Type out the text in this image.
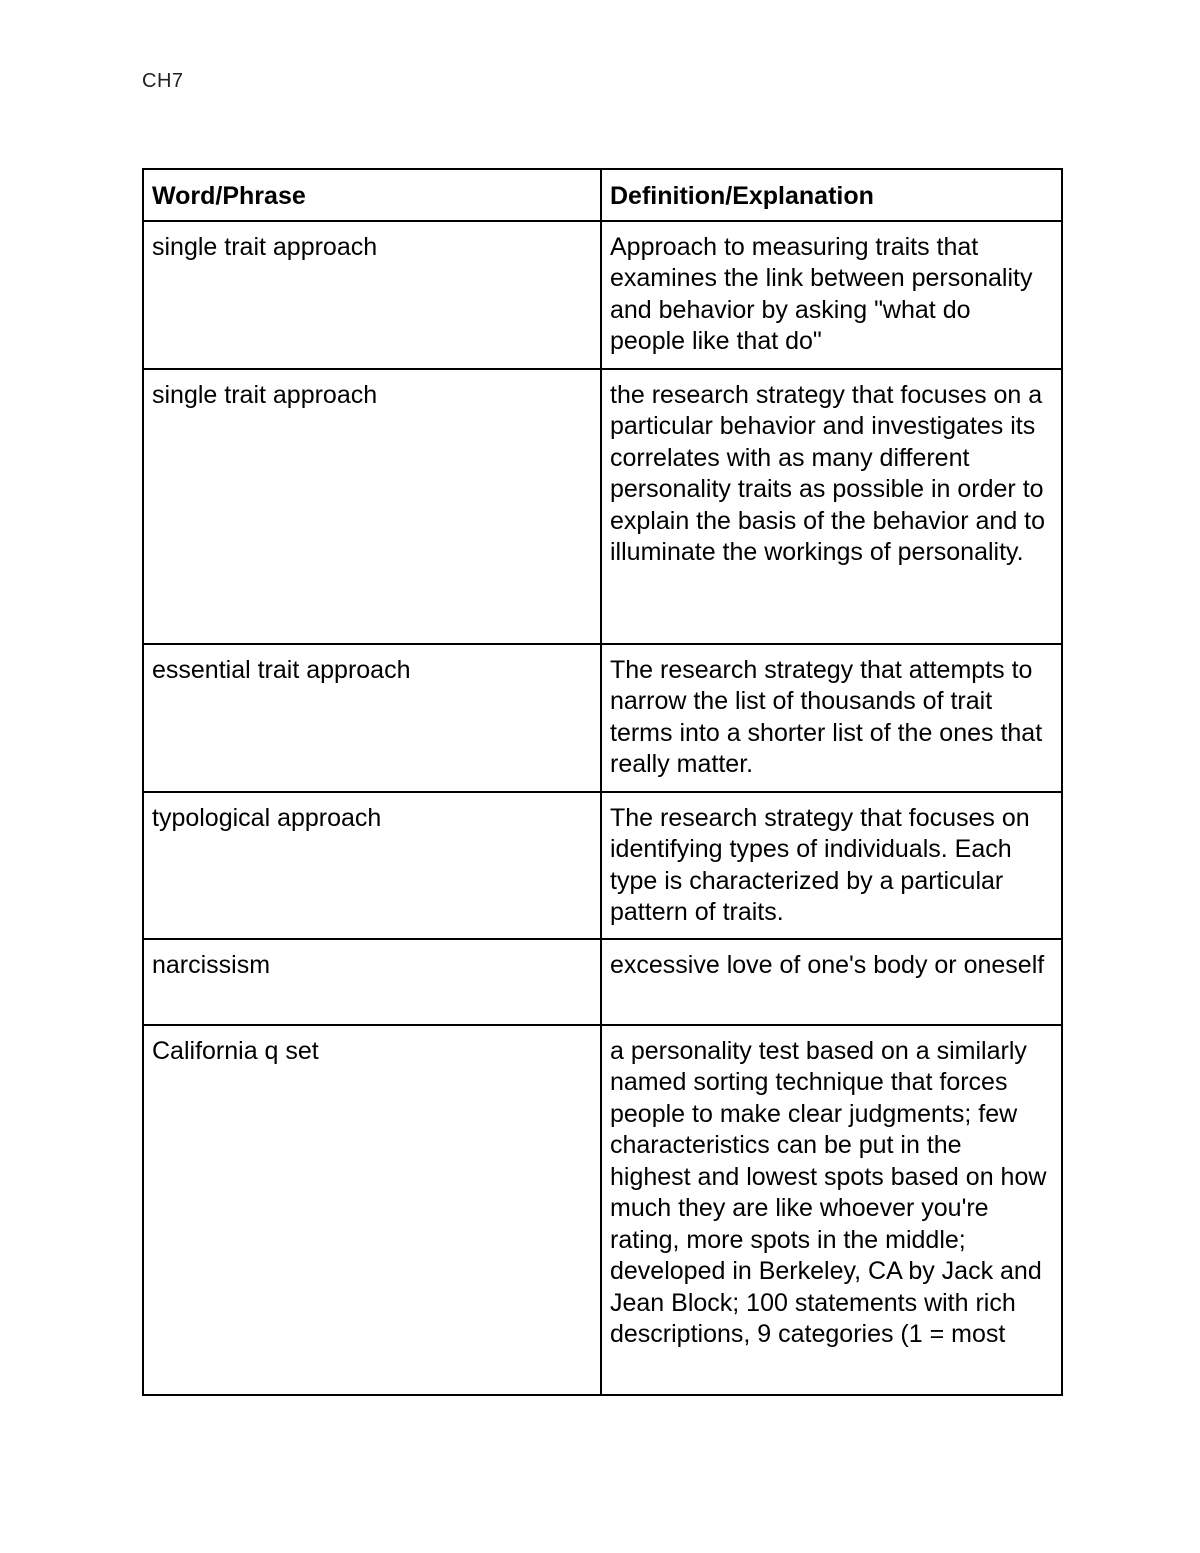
CH7
Word/Phrase	Definition/Explanation
single trait approach	Approach to measuring traits that examines the link between personality and behavior by asking "what do people like that do"
single trait approach	the research strategy that focuses on a particular behavior and investigates its correlates with as many different personality traits as possible in order to explain the basis of the behavior and to illuminate the workings of personality.
essential trait approach	The research strategy that attempts to narrow the list of thousands of trait terms into a shorter list of the ones that really matter.
typological approach	The research strategy that focuses on identifying types of individuals. Each type is characterized by a particular pattern of traits.
narcissism	excessive love of one's body or oneself
California q set	a personality test based on a similarly named sorting technique that forces people to make clear judgments; few characteristics can be put in the highest and lowest spots based on how much they are like whoever you're rating, more spots in the middle; developed in Berkeley, CA by Jack and Jean Block; 100 statements with rich descriptions, 9 categories (1 = most
